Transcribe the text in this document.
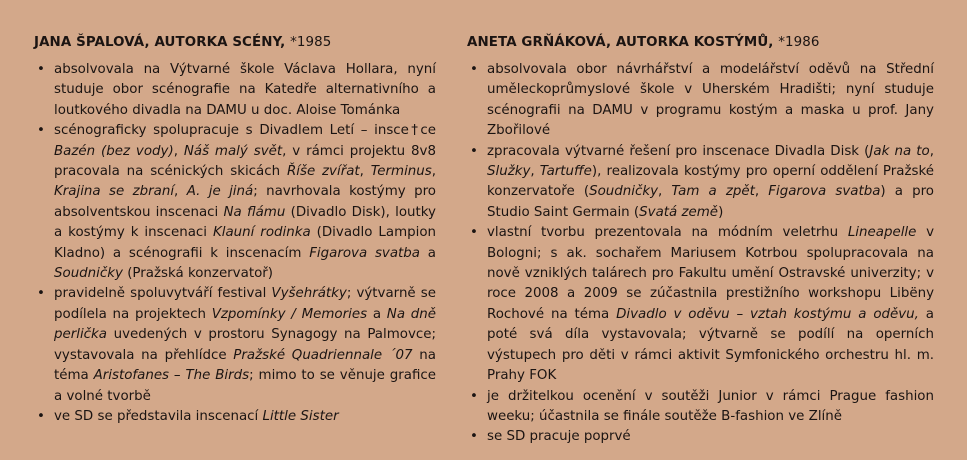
JANA ŠPALOVÁ, AUTORKA SCÉNY, *1985
• absolvovala na Výtvarné škole Václava Hollara, nyní studuje obor scénografie na Katedře alternativního a loutkového divadla na DAMU u doc. Aloise Tománka
• scénograficky spolupracuje s Divadlem Letí – insce†ce Bazén (bez vody), Náš malý svět, v rámci projektu 8v8 pracovala na scénických skicách Říše zvířat, Terminus, Krajina se zbraní, A. je jiná; navrhovala kostýmy pro absolventskou inscenaci Na flámu (Divadlo Disk), loutky a kostýmy k inscenaci Klauní rodinka (Divadlo Lampion Kladno) a scénografii k inscenacím Figarova svatba a Soudničky (Pražská konzervatoř)
• pravidelně spoluvytváří festival Vyšehrátky; výtvarně se podílela na projektech Vzpomínky / Memories a Na dně perlička uvedených v prostoru Synagogy na Palmovce; vystavovala na přehlídce Pražské Quadriennale ´07 na téma Aristofanes – The Birds; mimo to se věnuje grafice a volné tvorbě
• ve SD se představila inscenací Little Sister
ANETA GRŇÁKOVÁ, AUTORKA KOSTÝMŮ, *1986
• absolvovala obor návrhářství a modelářství oděvů na Střední uměleckoprůmyslové škole v Uherském Hradišti; nyní studuje scénografii na DAMU v programu kostým a maska u prof. Jany Zbořilové
• zpracovala výtvarné řešení pro inscenace Divadla Disk (Jak na to, Služky, Tartuffe), realizovala kostýmy pro operní oddělení Pražské konzervatoře (Soudničky, Tam a zpět, Figarova svatba) a pro Studio Saint Germain (Svatá země)
• vlastní tvorbu prezentovala na módním veletrhu Lineapelle v Bologni; s ak. sochařem Mariusem Kotrbou spolupracovala na nově vzniklých talárech pro Fakultu umění Ostravské univerzity; v roce 2008 a 2009 se zúčastnila prestižního workshopu Libëny Rochové na téma Divadlo v oděvu – vztah kostýmu a oděvu, a poté svá díla vystavovala; výtvarně se podílí na operních výstupech pro děti v rámci aktivit Symfonického orchestru hl. m. Prahy FOK
• je držitelkou ocenění v soutěži Junior v rámci Prague fashion weeku; účastnila se finále soutěže B-fashion ve Zlíně
• se SD pracuje poprvé
